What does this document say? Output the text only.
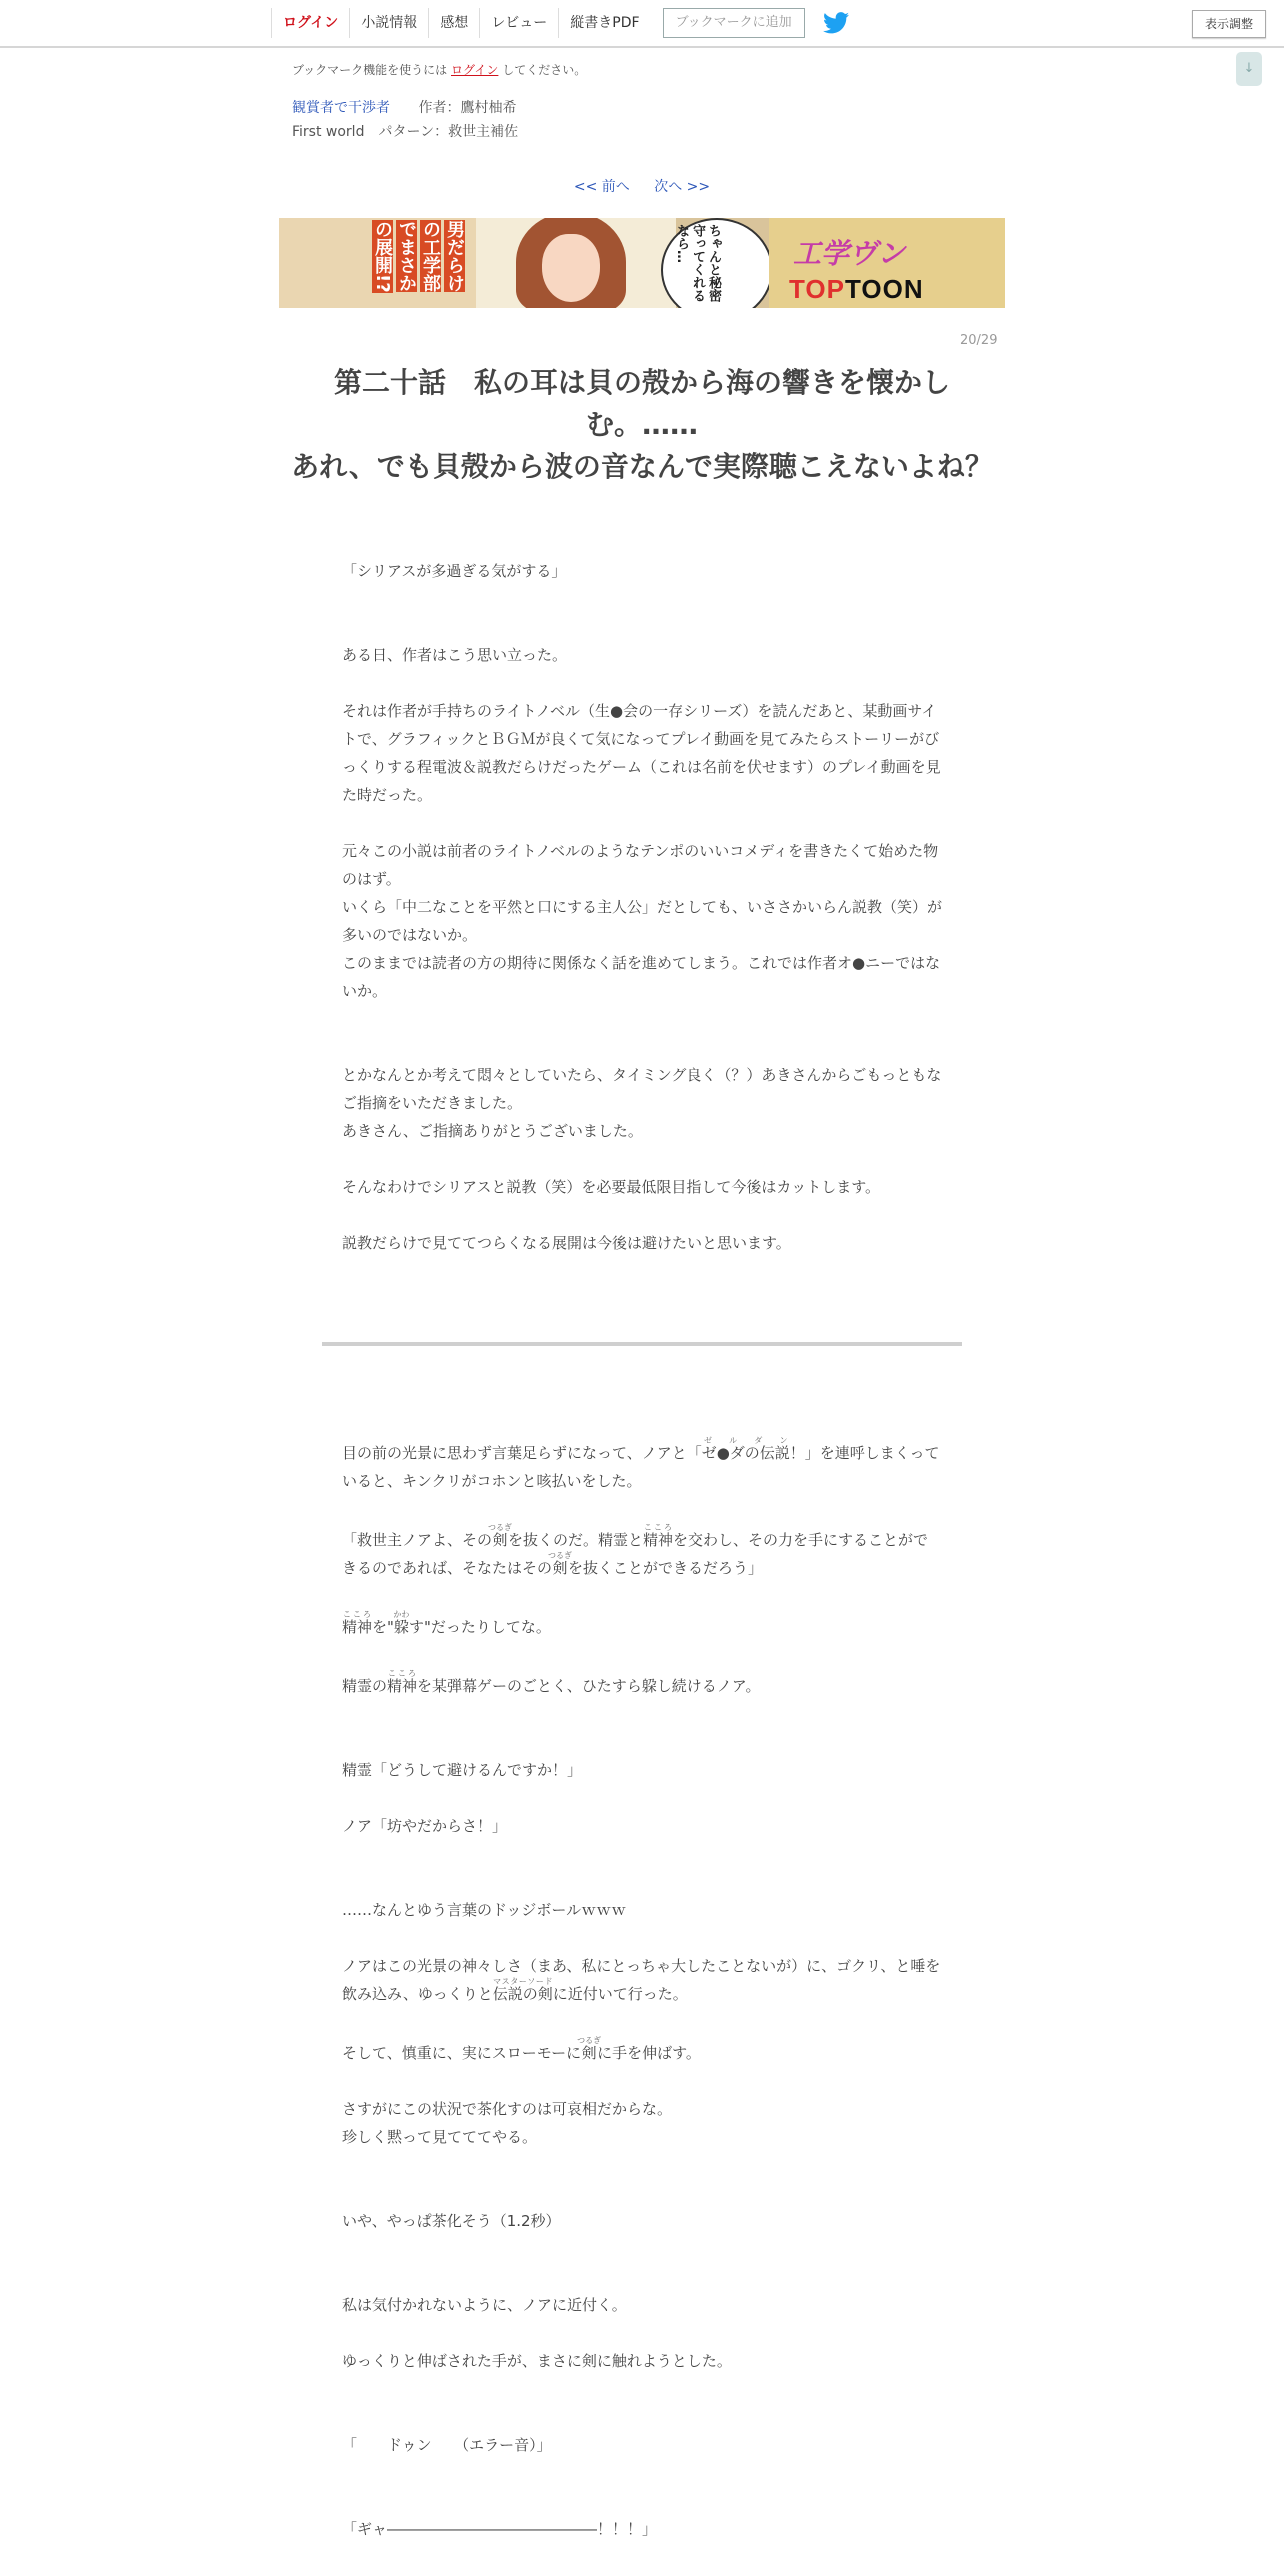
ログイン	小説情報	感想	レビュー	縦書きPDF	ブックマークに追加	表示調整
↓
ブックマーク機能を使うには ログイン してください。
観賞者で干渉者 作者：鷹村柚希
First world　パターン：救世主補佐
<< 前へ 次へ >>
男だらけの工学部でまさかの展開!?	ちゃんと秘密守ってくれるなら…	工学ヴン
TOPTOON
20/29
第二十話　私の耳は貝の殻から海の響きを懐かしむ。……
あれ、でも貝殻から波の音なんで実際聴こえないよね？

「シリアスが多過ぎる気がする」

ある日、作者はこう思い立った。

それは作者が手持ちのライトノベル（生●会の一存シリーズ）を読んだあと、某動画サイトで、グラフィックとＢＧＭが良くて気になってプレイ動画を見てみたらストーリーがびっくりする程電波＆説教だらけだったゲーム（これは名前を伏せます）のプレイ動画を見た時だった。

元々この小説は前者のライトノベルのようなテンポのいいコメディを書きたくて始めた物のはず。

いくら「中二なことを平然と口にする主人公」だとしても、いささかいらん説教（笑）が多いのではないか。

このままでは読者の方の期待に関係なく話を進めてしまう。これでは作者オ●ニーではないか。

とかなんとか考えて悶々としていたら、タイミング良く（？）あきさんからごもっともなご指摘をいただきました。

あきさん、ご指摘ありがとうございました。

そんなわけでシリアスと説教（笑）を必要最低限目指して今後はカットします。

説教だらけで見ててつらくなる展開は今後は避けたいと思います。

目の前の光景に思わず言葉足らずになって、ノアと「ゼ●ダの伝説ゼ　ル　ダ　ン！」を連呼しまくっていると、キンクリがコホンと咳払いをした。

「救世主ノアよ、その剣つるぎを抜くのだ。精霊と精神こころを交わし、その力を手にすることができるのであれば、そなたはその剣つるぎを抜くことができるだろう」

精神こころを"躱かわす"だったりしてな。

精霊の精神こころを某弾幕ゲーのごとく、ひたすら躱し続けるノア。

精霊「どうして避けるんですか！」

ノア「坊やだからさ！」

……なんとゆう言葉のドッジボールｗｗｗ

ノアはこの光景の神々しさ（まあ、私にとっちゃ大したことないが）に、ゴクリ、と唾を飲み込み、ゆっくりと伝説の剣マスターソードに近付いて行った。

そして、慎重に、実にスローモーに剣つるぎに手を伸ばす。

さすがにこの状況で茶化すのは可哀相だからな。

珍しく黙って見てててやる。

いや、やっぱ茶化そう（1.2秒）

私は気付かれないように、ノアに近付く。

ゆっくりと伸ばされた手が、まさに剣に触れようとした。

「　　ドゥン　　（エラー音）」

「ギャ――――――――――――――！！！」
